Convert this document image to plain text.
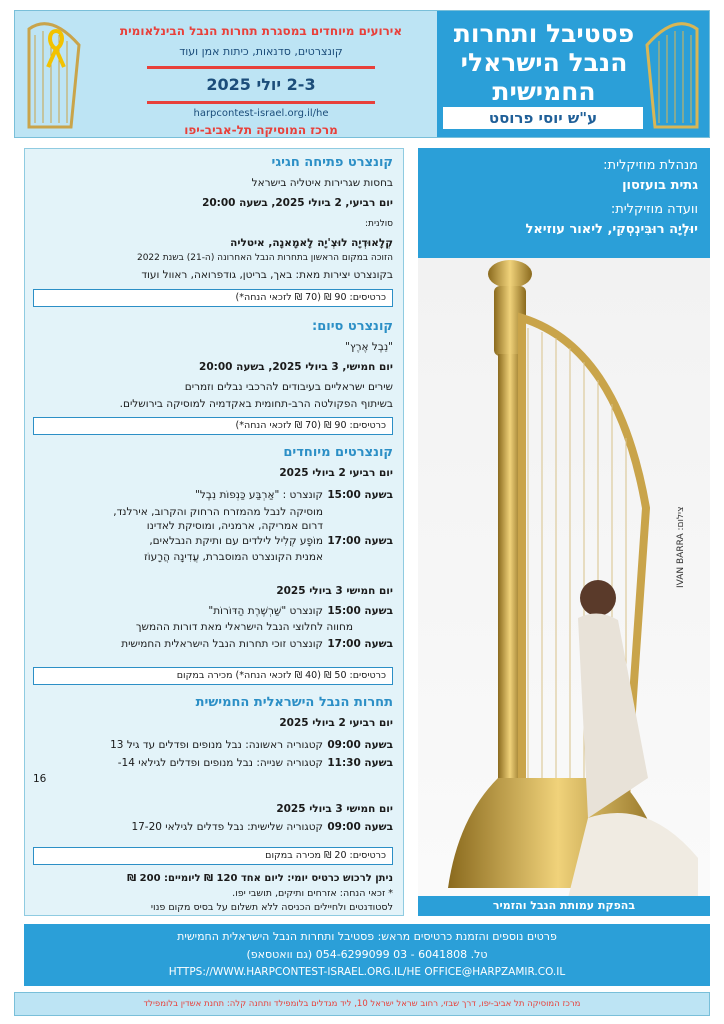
פסטיבל ותחרות
הנבל הישראלי
החמישית
ע"ש יוסי פרוסט
אירועים מיוחדים במסגרת תחרות הנבל הבינלאומית
קונצרטים, סדנאות, כיתות אמן ועוד
2-3 יולי 2025
harpcontest-israel.org.il/he
מרכז המוסיקה תל-אביב-יפו
קונצרט פתיחה חגיגי
בחסות שגרירות איטליה בישראל
יום רביעי, 2 ביולי 2025, בשעה 20:00
סולנית:
קְלָאוּדְיָה לוּצְ'יָה לָאמָאנָה, איטליה
הזוכה במקום הראשון בתחרות הנבל האחרונה (ה-21) בשנת 2022
בקונצרט יצירות מאת: באך, בריטן, גודפרואה, ראוול ועוד
כרטיסים: 90 ₪ (70 ₪ לזכאי הנחה*)
קונצרט סיום:
"נֵבֶל אֶרֶץ"
יום חמישי, 3 ביולי 2025, בשעה 20:00
שירים ישראליים בעיבודים להרכבי נבלים וזמרים
בשיתוף הפקולטה הרב-תחומית באקדמיה למוסיקה בירושלים.
כרטיסים: 90 ₪ (70 ₪ לזכאי הנחה*)
קונצרטים מיוחדים
יום רביעי 2 ביולי 2025
בשעה 15:00
קונצרט : "אַרְבַּע כַּנְפוֹת נֵבֶל"
מוסיקה לנבל מהמזרח הרחוק והקרוב, אירלנד,
דרום אמריקה, ארמניה, ומוסיקת לאדינו
בשעה 17:00
מוֹפָע קְלִיל לילדים עם ותיקת הנבלאים,
אמנית הקונצרט המוסברת, עֲדִינָה הֲרָעוֹז
יום חמישי 3 ביולי 2025
בשעה 15:00
קונצרט "שַׁרְשֶׁרֶת הַדּוֹרוֹת"
מחווה לחלוצי הנבל הישראלי מאת דורות ההמשך
בשעה 17:00
קונצרט זוכי תחרות הנבל הישראלית החמישית
כרטיסים: 50 ₪ (40 ₪ לזכאי הנחה*) מכירה במקום
תחרות הנבל הישראלית החמישית
יום רביעי 2 ביולי 2025
בשעה 09:00
קטגוריה ראשונה: נבל מנופים ופדלים עד גיל 13
בשעה 11:30
קטגוריה שנייה: נבל מנופים ופדלים לגילאי 14-
16
יום חמישי 3 ביולי 2025
בשעה 09:00
קטגוריה שלישית: נבל פדלים לגילאי 17-20
כרטיסים: 20 ₪ מכירה במקום
ניתן לרכוש כרטיס יומי: ליום אחד 120 ₪ ליומיים: 200 ₪
* זכאי הנחה: אזרחים ותיקים, תושבי יפו.
לסטודנטים ולחיילים הכניסה ללא תשלום על בסיס מקום פנוי
מנהלת מוזיקלית:
גתית בועזסון
וועדה מוזיקלית:
יוּלְיָה רוּבִּינְסְקִי, ליאור עוזיאל
IVAN BARRA :צילום
בהפקת עמותת הנבל והזמיר
פרטים נוספים והזמנת כרטיסים מראש: פסטיבל ותחרות הנבל הישראלית החמישית
טל. 6041808 - 03 054-6299099 (גם וואטסאפ)
HTTPS://WWW.HARPCONTEST-ISRAEL.ORG.IL/HE OFFICE@HARPZAMIR.CO.IL
מרכז המוסיקה תל אביב-יפו, דרך שבזי, רחוב שראל ישראל 10, ליד מגדלים בלומפילד ותחנה קלה: תחנת אשדין בלומפילד
